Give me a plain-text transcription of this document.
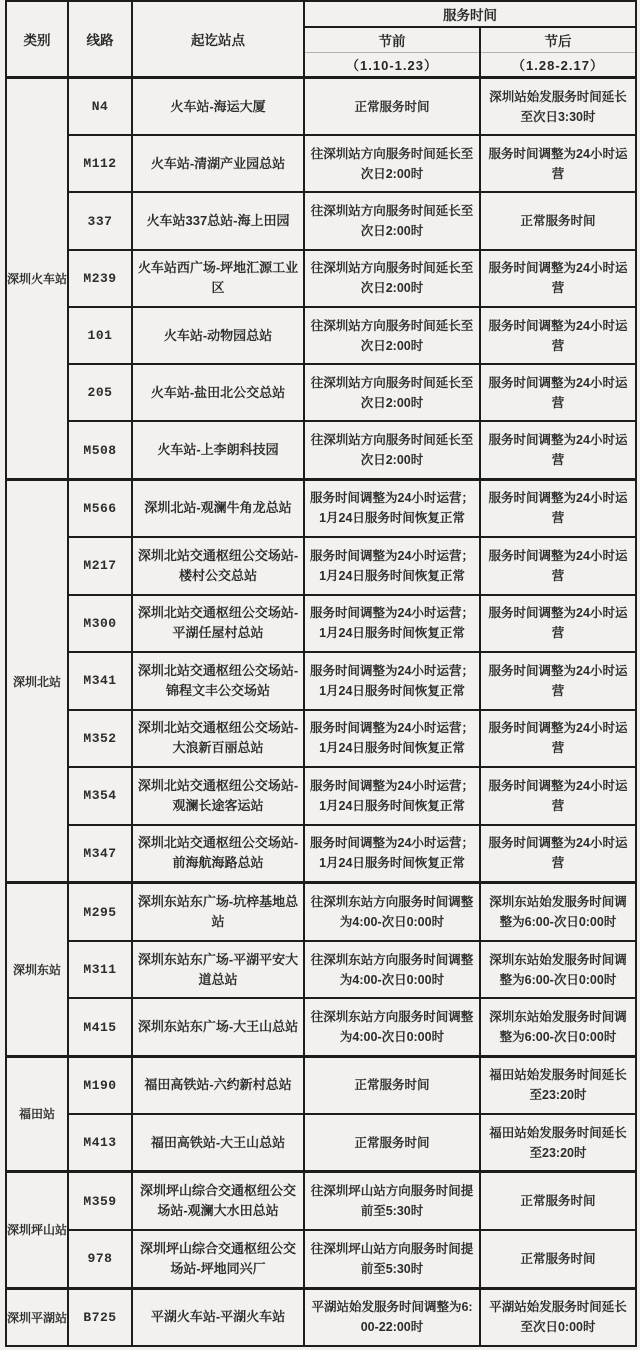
类别	线路	起讫站点	服务时间	
			节前	节后
			（1.10-1.23）	（1.28-2.17）
深圳火车站	N4	火车站-海运大厦	正常服务时间	深圳站始发服务时间延长至次日3:30时
	M112	火车站-清湖产业园总站	往深圳站方向服务时间延长至次日2:00时	服务时间调整为24小时运营
	337	火车站337总站-海上田园	往深圳站方向服务时间延长至次日2:00时	正常服务时间
	M239	火车站西广场-坪地汇源工业区	往深圳站方向服务时间延长至次日2:00时	服务时间调整为24小时运营
	101	火车站-动物园总站	往深圳站方向服务时间延长至次日2:00时	服务时间调整为24小时运营
	205	火车站-盐田北公交总站	往深圳站方向服务时间延长至次日2:00时	服务时间调整为24小时运营
	M508	火车站-上李朗科技园	往深圳站方向服务时间延长至次日2:00时	服务时间调整为24小时运营
深圳北站	M566	深圳北站-观澜牛角龙总站	服务时间调整为24小时运营；1月24日服务时间恢复正常	服务时间调整为24小时运营
	M217	深圳北站交通枢纽公交场站-楼村公交总站	服务时间调整为24小时运营；1月24日服务时间恢复正常	服务时间调整为24小时运营
	M300	深圳北站交通枢纽公交场站-平湖任屋村总站	服务时间调整为24小时运营；1月24日服务时间恢复正常	服务时间调整为24小时运营
	M341	深圳北站交通枢纽公交场站-锦程文丰公交场站	服务时间调整为24小时运营；1月24日服务时间恢复正常	服务时间调整为24小时运营
	M352	深圳北站交通枢纽公交场站-大浪新百丽总站	服务时间调整为24小时运营；1月24日服务时间恢复正常	服务时间调整为24小时运营
	M354	深圳北站交通枢纽公交场站-观澜长途客运站	服务时间调整为24小时运营；1月24日服务时间恢复正常	服务时间调整为24小时运营
	M347	深圳北站交通枢纽公交场站-前海航海路总站	服务时间调整为24小时运营；1月24日服务时间恢复正常	服务时间调整为24小时运营
深圳东站	M295	深圳东站东广场-坑梓基地总站	往深圳东站方向服务时间调整为4:00-次日0:00时	深圳东站始发服务时间调整为6:00-次日0:00时
	M311	深圳东站东广场-平湖平安大道总站	往深圳东站方向服务时间调整为4:00-次日0:00时	深圳东站始发服务时间调整为6:00-次日0:00时
	M415	深圳东站东广场-大王山总站	往深圳东站方向服务时间调整为4:00-次日0:00时	深圳东站始发服务时间调整为6:00-次日0:00时
福田站	M190	福田高铁站-六约新村总站	正常服务时间	福田站始发服务时间延长至23:20时
	M413	福田高铁站-大王山总站	正常服务时间	福田站始发服务时间延长至23:20时
深圳坪山站	M359	深圳坪山综合交通枢纽公交场站-观澜大水田总站	往深圳坪山站方向服务时间提前至5:30时	正常服务时间
	978	深圳坪山综合交通枢纽公交场站-坪地同兴厂	往深圳坪山站方向服务时间提前至5:30时	正常服务时间
深圳平湖站	B725	平湖火车站-平湖火车站	平湖站始发服务时间调整为6:00-22:00时	平湖站始发服务时间延长至次日0:00时
